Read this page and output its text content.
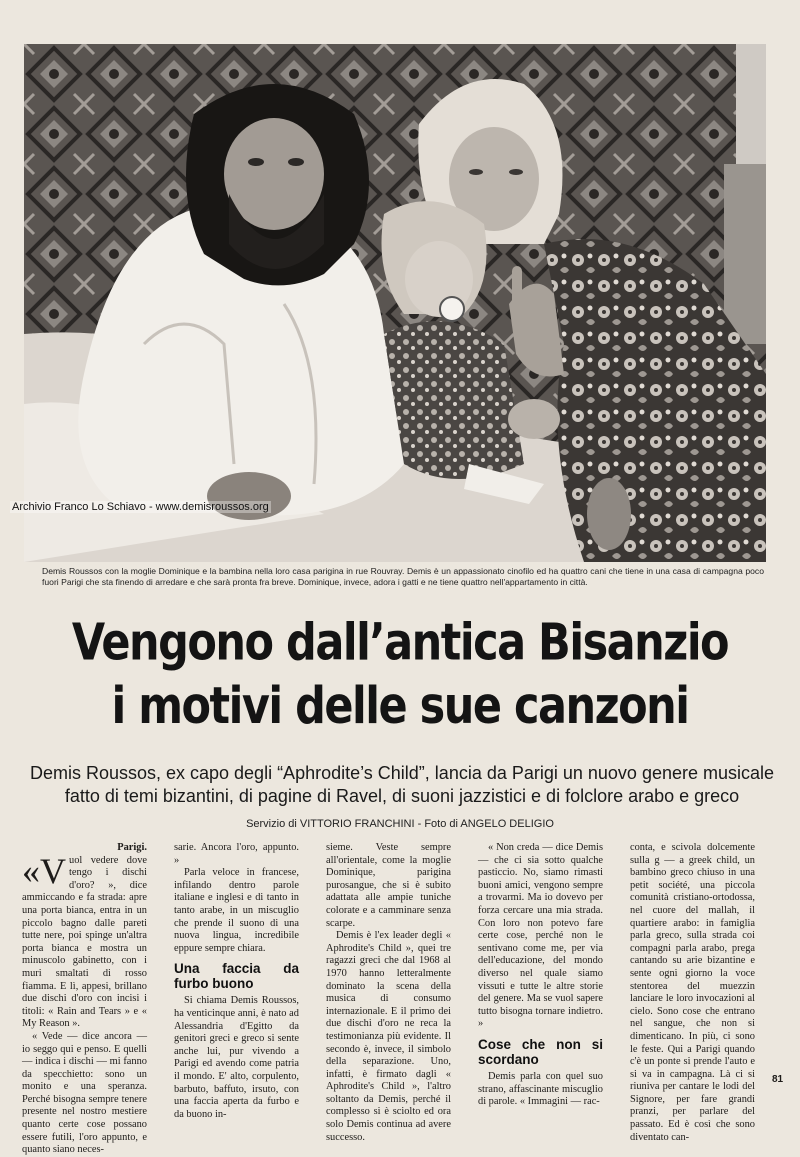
Archivio Franco Lo Schiavo - www.demisroussos.org
Demis Roussos con la moglie Dominique e la bambina nella loro casa parigina in rue Rouvray. Demis è un appassionato cinofilo ed ha quattro cani che tiene in una casa di campagna poco fuori Parigi che sta finendo di arredare e che sarà pronta fra breve. Dominique, invece, adora i gatti e ne tiene quattro nell'appartamento in città.
Vengono dall’antica Bisanzio
i motivi delle sue canzoni
Demis Roussos, ex capo degli “Aphrodite’s Child”, lancia da Parigi un nuovo genere musicale fatto di temi bizantini, di pagine di Ravel, di suoni jazzistici e di folclore arabo e greco
Servizio di VITTORIO FRANCHINI - Foto di ANGELO DELIGIO

Parigi.

«Vuol vedere dove tengo i dischi d'oro? », dice ammiccando e fa strada: apre una porta bianca, entra in un piccolo bagno dalle pareti tutte nere, poi spinge un'altra porta bianca e mostra un minuscolo gabinetto, con i muri smaltati di rosso fiamma. E lì, appesi, brillano due dischi d'oro con incisi i titoli: « Rain and Tears » e « My Reason ».

« Vede — dice ancora — io seggo qui e penso. E quelli — indica i dischi — mi fanno da specchietto: sono un monito e una speranza. Perché bisogna sempre tenere presente nel nostro mestiere quanto certe cose possano essere futili, l'oro appunto, e quanto siano neces-

sarie. Ancora l'oro, appunto. »

Parla veloce in francese, infilando dentro parole italiane e inglesi e di tanto in tanto arabe, in un miscuglio che prende il suono di una nuova lingua, incredibile eppure sempre chiara.

Una faccia da furbo buono

Si chiama Demis Roussos, ha venticinque anni, è nato ad Alessandria d'Egitto da genitori greci e greco si sente anche lui, pur vivendo a Parigi ed avendo come patria il mondo. E' alto, corpulento, barbuto, baffuto, irsuto, con una faccia aperta da furbo e da buono in-

sieme. Veste sempre all'orientale, come la moglie Dominique, parigina purosangue, che si è subito adattata alle ampie tuniche colorate e a camminare senza scarpe.

Demis è l'ex leader degli « Aphrodite's Child », quei tre ragazzi greci che dal 1968 al 1970 hanno letteralmente dominato la scena della musica di consumo internazionale. E il primo dei due dischi d'oro ne reca la testimonianza più evidente. Il secondo è, invece, il simbolo della separazione. Uno, infatti, è firmato dagli « Aphrodite's Child », l'altro soltanto da Demis, perché il complesso si è sciolto ed ora solo Demis continua ad avere successo.

« Non creda — dice Demis — che ci sia sotto qualche pasticcio. No, siamo rimasti buoni amici, vengono sempre a trovarmi. Ma io dovevo per forza cercare una mia strada. Con loro non potevo fare certe cose, perché non le sentivano come me, per via dell'educazione, del mondo diverso nel quale siamo vissuti e tutte le altre storie del genere. Ma se vuol sapere tutto bisogna tornare indietro. »

Cose che non si scordano

Demis parla con quel suo strano, affascinante miscuglio di parole. « Immagini — rac-

conta, e scivola dolcemente sulla g — a greek child, un bambino greco chiuso in una petit société, una piccola comunità cristiano-ortodossa, nel cuore del mallah, il quartiere arabo: in famiglia parla greco, sulla strada coi compagni parla arabo, prega cantando su arie bizantine e sente ogni giorno la voce stentorea del muezzin lanciare le loro invocazioni al cielo. Sono cose che entrano nel sangue, che non si dimenticano. In più, ci sono le feste. Qui a Parigi quando c'è un ponte si prende l'auto e si va in campagna. Là ci si riuniva per cantare le lodi del Signore, per fare grandi pranzi, per parlare del passato. Ed è così che sono diventato can-

81
